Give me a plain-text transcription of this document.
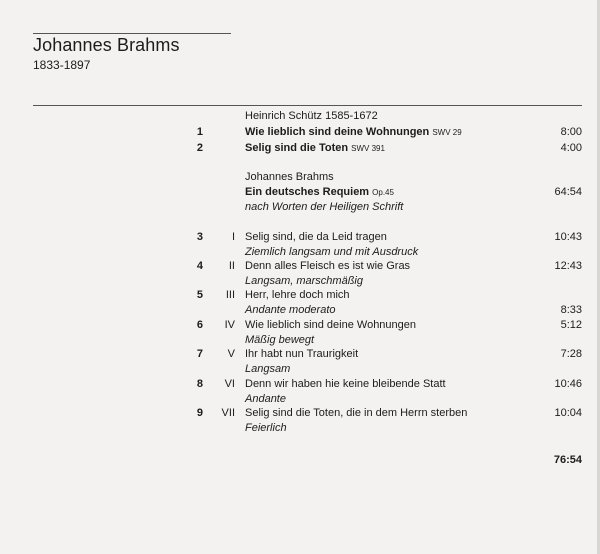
Johannes Brahms
1833-1897
Heinrich Schütz 1585-1672
1	Wie lieblich sind deine Wohnungen SWV 29	8:00
2	Selig sind die Toten SWV 391	4:00
Johannes Brahms
Ein deutsches Requiem Op.45	64:54
nach Worten der Heiligen Schrift
3	I Selig sind, die da Leid tragen	10:43
Ziemlich langsam und mit Ausdruck
4	II Denn alles Fleisch es ist wie Gras	12:43
Langsam, marschmäßig
5	III Herr, lehre doch mich
Andante moderato	8:33
6	IV Wie lieblich sind deine Wohnungen	5:12
Mäßig bewegt
7	V Ihr habt nun Traurigkeit	7:28
Langsam
8	VI Denn wir haben hie keine bleibende Statt	10:46
Andante
9	VII Selig sind die Toten, die in dem Herrn sterben	10:04
Feierlich
76:54
